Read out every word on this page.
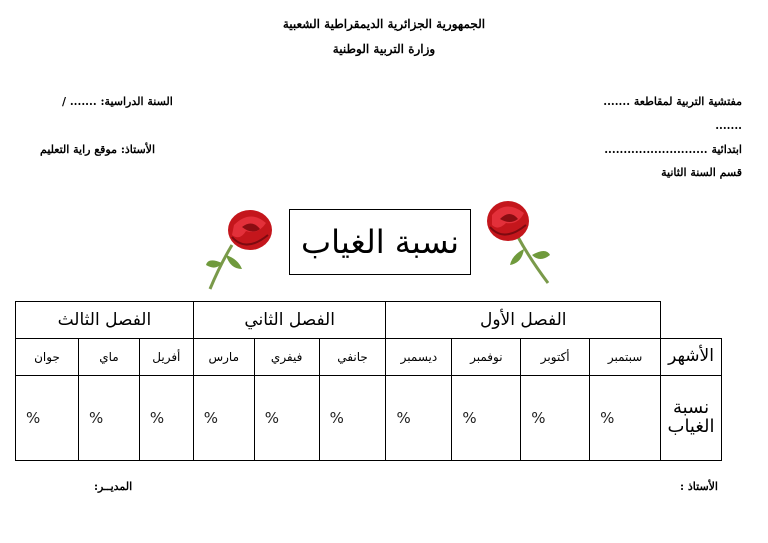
الجمهورية الجزائرية الديمقراطية الشعبية
وزارة التربية الوطنية
مفتشية التربية لمقاطعة .......
.......
ابتدائية ...........................
قسم السنة الثانية
السنة الدراسية: ....... /
الأستاذ: موقع راية التعليم
نسبة الغياب
	الفصل الأول				الفصل الثاني			الفصل الثالث		
الأشهر	سبتمبر	أكتوبر	نوفمبر	ديسمبر	جانفي	فيفري	مارس	أفريل	ماي	جوان
نسبة الغياب	%	%	%	%	%	%	%	%	%	%
الأستاذ :
المديــر:
